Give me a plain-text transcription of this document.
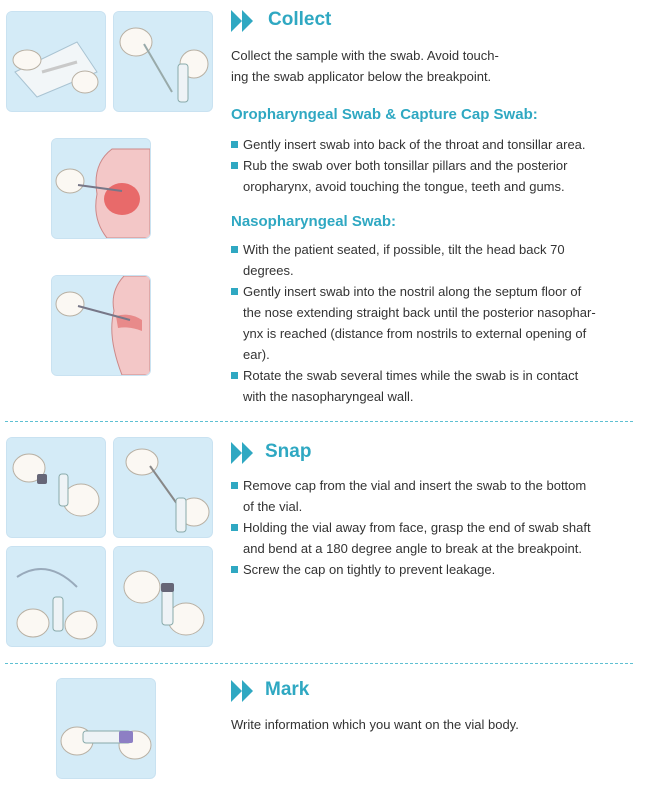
Collect
Collect the sample with the swab. Avoid touch-
ing the swab applicator below the breakpoint.
Oropharyngeal Swab & Capture Cap Swab:
Gently insert swab into back of the throat and tonsillar area.
Rub the swab over both tonsillar pillars and the posterior
oropharynx, avoid touching the tongue, teeth and gums.
Nasopharyngeal Swab:
With the patient seated, if possible, tilt the head back 70
degrees.
Gently insert swab into the nostril along the septum floor of
the nose extending straight back until the posterior nasophar-
ynx is reached (distance from nostrils to external opening of
ear).
Rotate the swab several times while the swab is in contact
with the nasopharyngeal wall.
Snap
Remove cap from the vial and insert the swab to the bottom
of the vial.
Holding the vial away from face, grasp the end of swab shaft
and bend at a 180 degree angle to break at the breakpoint.
Screw the cap on tightly to prevent leakage.
Mark
Write information which you want on the vial body.
